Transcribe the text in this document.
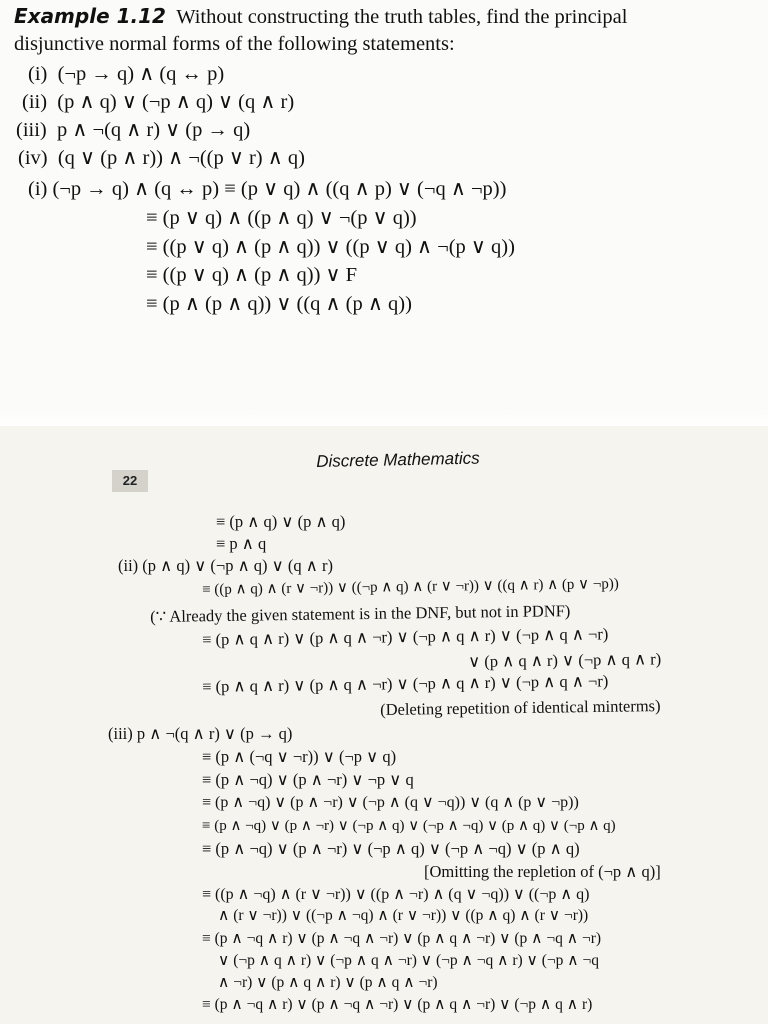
Example 1.12 Without constructing the truth tables, find the principal
disjunctive normal forms of the following statements:
(i) (¬p → q) ∧ (q ↔ p)
(ii) (p ∧ q) ∨ (¬p ∧ q) ∨ (q ∧ r)
(iii) p ∧ ¬(q ∧ r) ∨ (p → q)
(iv) (q ∨ (p ∧ r)) ∧ ¬((p ∨ r) ∧ q)
(i) (¬p → q) ∧ (q ↔ p) ≡ (p ∨ q) ∧ ((q ∧ p) ∨ (¬q ∧ ¬p))
≡ (p ∨ q) ∧ ((p ∧ q) ∨ ¬(p ∨ q))
≡ ((p ∨ q) ∧ (p ∧ q)) ∨ ((p ∨ q) ∧ ¬(p ∨ q))
≡ ((p ∨ q) ∧ (p ∧ q)) ∨ F
≡ (p ∧ (p ∧ q)) ∨ ((q ∧ (p ∧ q))
22
Discrete Mathematics
≡ (p ∧ q) ∨ (p ∧ q)
≡ p ∧ q
(ii) (p ∧ q) ∨ (¬p ∧ q) ∨ (q ∧ r)
≡ ((p ∧ q) ∧ (r ∨ ¬r)) ∨ ((¬p ∧ q) ∧ (r ∨ ¬r)) ∨ ((q ∧ r) ∧ (p ∨ ¬p))
(∵ Already the given statement is in the DNF, but not in PDNF)
≡ (p ∧ q ∧ r) ∨ (p ∧ q ∧ ¬r) ∨ (¬p ∧ q ∧ r) ∨ (¬p ∧ q ∧ ¬r)
∨ (p ∧ q ∧ r) ∨ (¬p ∧ q ∧ r)
≡ (p ∧ q ∧ r) ∨ (p ∧ q ∧ ¬r) ∨ (¬p ∧ q ∧ r) ∨ (¬p ∧ q ∧ ¬r)
(Deleting repetition of identical minterms)
(iii) p ∧ ¬(q ∧ r) ∨ (p → q)
≡ (p ∧ (¬q ∨ ¬r)) ∨ (¬p ∨ q)
≡ (p ∧ ¬q) ∨ (p ∧ ¬r) ∨ ¬p ∨ q
≡ (p ∧ ¬q) ∨ (p ∧ ¬r) ∨ (¬p ∧ (q ∨ ¬q)) ∨ (q ∧ (p ∨ ¬p))
≡ (p ∧ ¬q) ∨ (p ∧ ¬r) ∨ (¬p ∧ q) ∨ (¬p ∧ ¬q) ∨ (p ∧ q) ∨ (¬p ∧ q)
≡ (p ∧ ¬q) ∨ (p ∧ ¬r) ∨ (¬p ∧ q) ∨ (¬p ∧ ¬q) ∨ (p ∧ q)
[Omitting the repletion of (¬p ∧ q)]
≡ ((p ∧ ¬q) ∧ (r ∨ ¬r)) ∨ ((p ∧ ¬r) ∧ (q ∨ ¬q)) ∨ ((¬p ∧ q)
∧ (r ∨ ¬r)) ∨ ((¬p ∧ ¬q) ∧ (r ∨ ¬r)) ∨ ((p ∧ q) ∧ (r ∨ ¬r))
≡ (p ∧ ¬q ∧ r) ∨ (p ∧ ¬q ∧ ¬r) ∨ (p ∧ q ∧ ¬r) ∨ (p ∧ ¬q ∧ ¬r)
∨ (¬p ∧ q ∧ r) ∨ (¬p ∧ q ∧ ¬r) ∨ (¬p ∧ ¬q ∧ r) ∨ (¬p ∧ ¬q
∧ ¬r) ∨ (p ∧ q ∧ r) ∨ (p ∧ q ∧ ¬r)
≡ (p ∧ ¬q ∧ r) ∨ (p ∧ ¬q ∧ ¬r) ∨ (p ∧ q ∧ ¬r) ∨ (¬p ∧ q ∧ r)
